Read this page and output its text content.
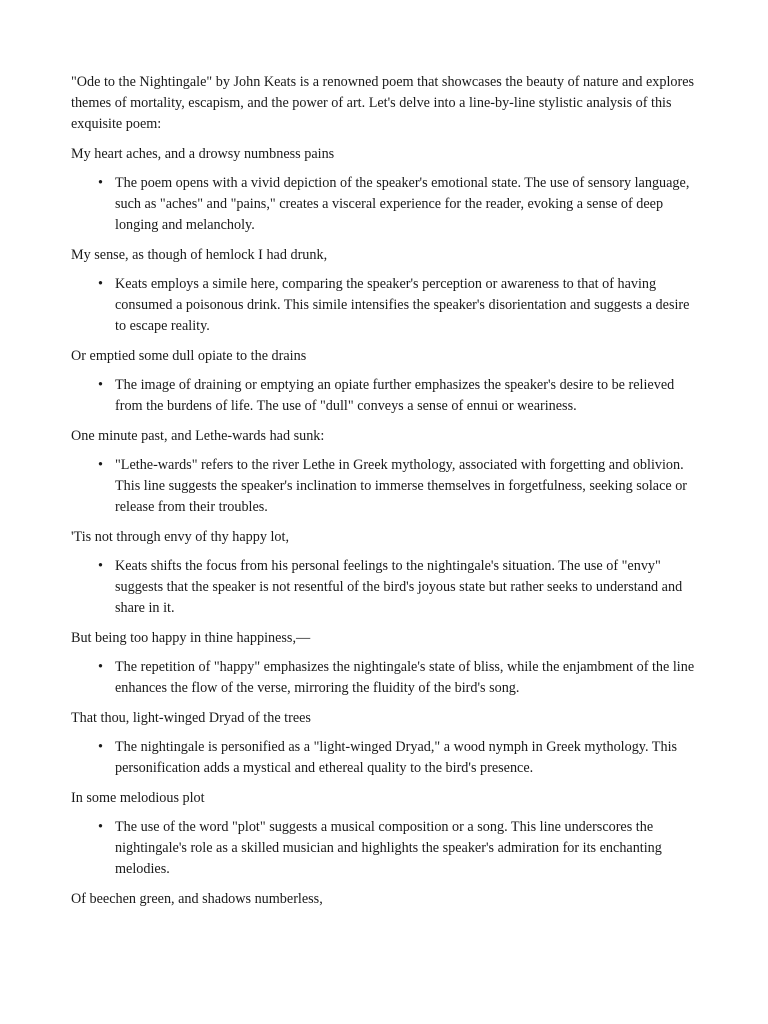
"Ode to the Nightingale" by John Keats is a renowned poem that showcases the beauty of nature and explores themes of mortality, escapism, and the power of art. Let's delve into a line-by-line stylistic analysis of this exquisite poem:

My heart aches, and a drowsy numbness pains

• The poem opens with a vivid depiction of the speaker's emotional state. The use of sensory language, such as "aches" and "pains," creates a visceral experience for the reader, evoking a sense of deep longing and melancholy.

My sense, as though of hemlock I had drunk,

• Keats employs a simile here, comparing the speaker's perception or awareness to that of having consumed a poisonous drink. This simile intensifies the speaker's disorientation and suggests a desire to escape reality.

Or emptied some dull opiate to the drains

• The image of draining or emptying an opiate further emphasizes the speaker's desire to be relieved from the burdens of life. The use of "dull" conveys a sense of ennui or weariness.

One minute past, and Lethe-wards had sunk:

• "Lethe-wards" refers to the river Lethe in Greek mythology, associated with forgetting and oblivion. This line suggests the speaker's inclination to immerse themselves in forgetfulness, seeking solace or release from their troubles.

'Tis not through envy of thy happy lot,

• Keats shifts the focus from his personal feelings to the nightingale's situation. The use of "envy" suggests that the speaker is not resentful of the bird's joyous state but rather seeks to understand and share in it.

But being too happy in thine happiness,—

• The repetition of "happy" emphasizes the nightingale's state of bliss, while the enjambment of the line enhances the flow of the verse, mirroring the fluidity of the bird's song.

That thou, light-winged Dryad of the trees

• The nightingale is personified as a "light-winged Dryad," a wood nymph in Greek mythology. This personification adds a mystical and ethereal quality to the bird's presence.

In some melodious plot

• The use of the word "plot" suggests a musical composition or a song. This line underscores the nightingale's role as a skilled musician and highlights the speaker's admiration for its enchanting melodies.

Of beechen green, and shadows numberless,
